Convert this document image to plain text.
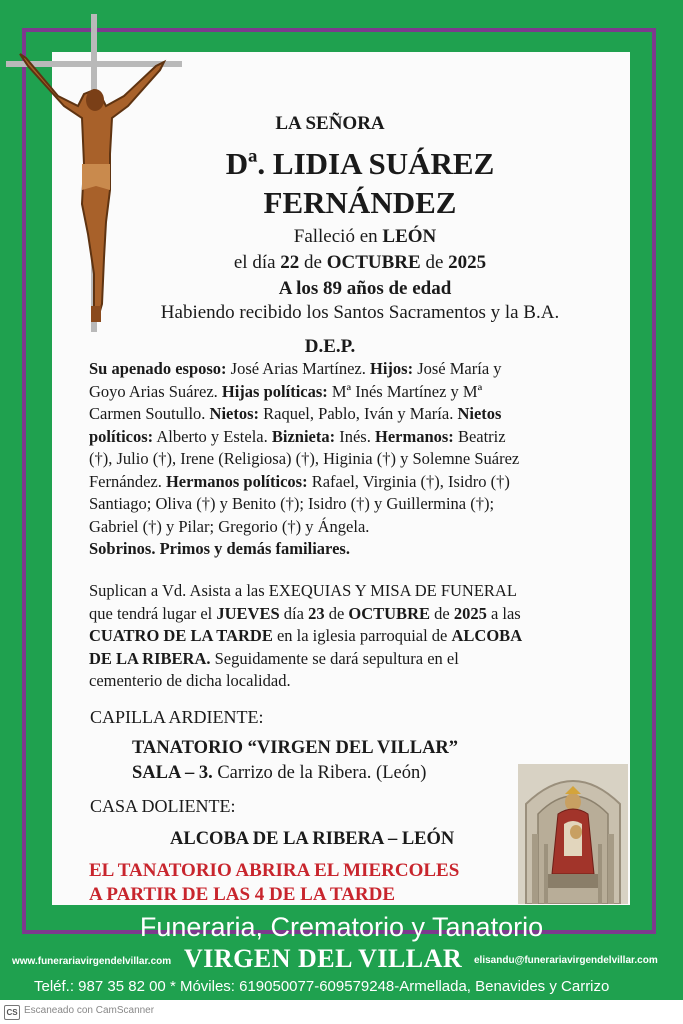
LA SEÑORA
Dª. LIDIA SUÁREZ
FERNÁNDEZ
Falleció en LEÓN
el día 22 de OCTUBRE de 2025
A los 89 años de edad
Habiendo recibido los Santos Sacramentos y la B.A.
D.E.P.
Su apenado esposo: José Arias Martínez. Hijos: José María y
Goyo Arias Suárez. Hijas políticas: Mª Inés Martínez y Mª
Carmen Soutullo. Nietos: Raquel, Pablo, Iván y María. Nietos
políticos: Alberto y Estela. Biznieta: Inés. Hermanos: Beatriz
(†), Julio (†), Irene (Religiosa) (†), Higinia (†) y Solemne Suárez
Fernández. Hermanos políticos: Rafael, Virginia (†), Isidro (†)
Santiago; Oliva (†) y Benito (†); Isidro (†) y Guillermina (†);
Gabriel (†) y Pilar; Gregorio (†) y Ángela.
Sobrinos. Primos y demás familiares.
Suplican a Vd. Asista a las EXEQUIAS Y MISA DE FUNERAL
que tendrá lugar el JUEVES día 23 de OCTUBRE de 2025 a las
CUATRO DE LA TARDE en la iglesia parroquial de ALCOBA
DE LA RIBERA. Seguidamente se dará sepultura en el
cementerio de dicha localidad.
CAPILLA ARDIENTE:
TANATORIO “VIRGEN DEL VILLAR”
SALA – 3. Carrizo de la Ribera. (León)
CASA DOLIENTE:
ALCOBA DE LA RIBERA – LEÓN
EL TANATORIO ABRIRA EL MIERCOLES
A PARTIR DE LAS 4 DE LA TARDE
Funeraria, Crematorio y Tanatorio
www.funerariavirgendelvillar.com VIRGEN DEL VILLAR elisandu@funerariavirgendelvillar.com
Teléf.: 987 35 82 00 * Móviles: 619050077-609579248-Armellada, Benavides y Carrizo
CS Escaneado con CamScanner
